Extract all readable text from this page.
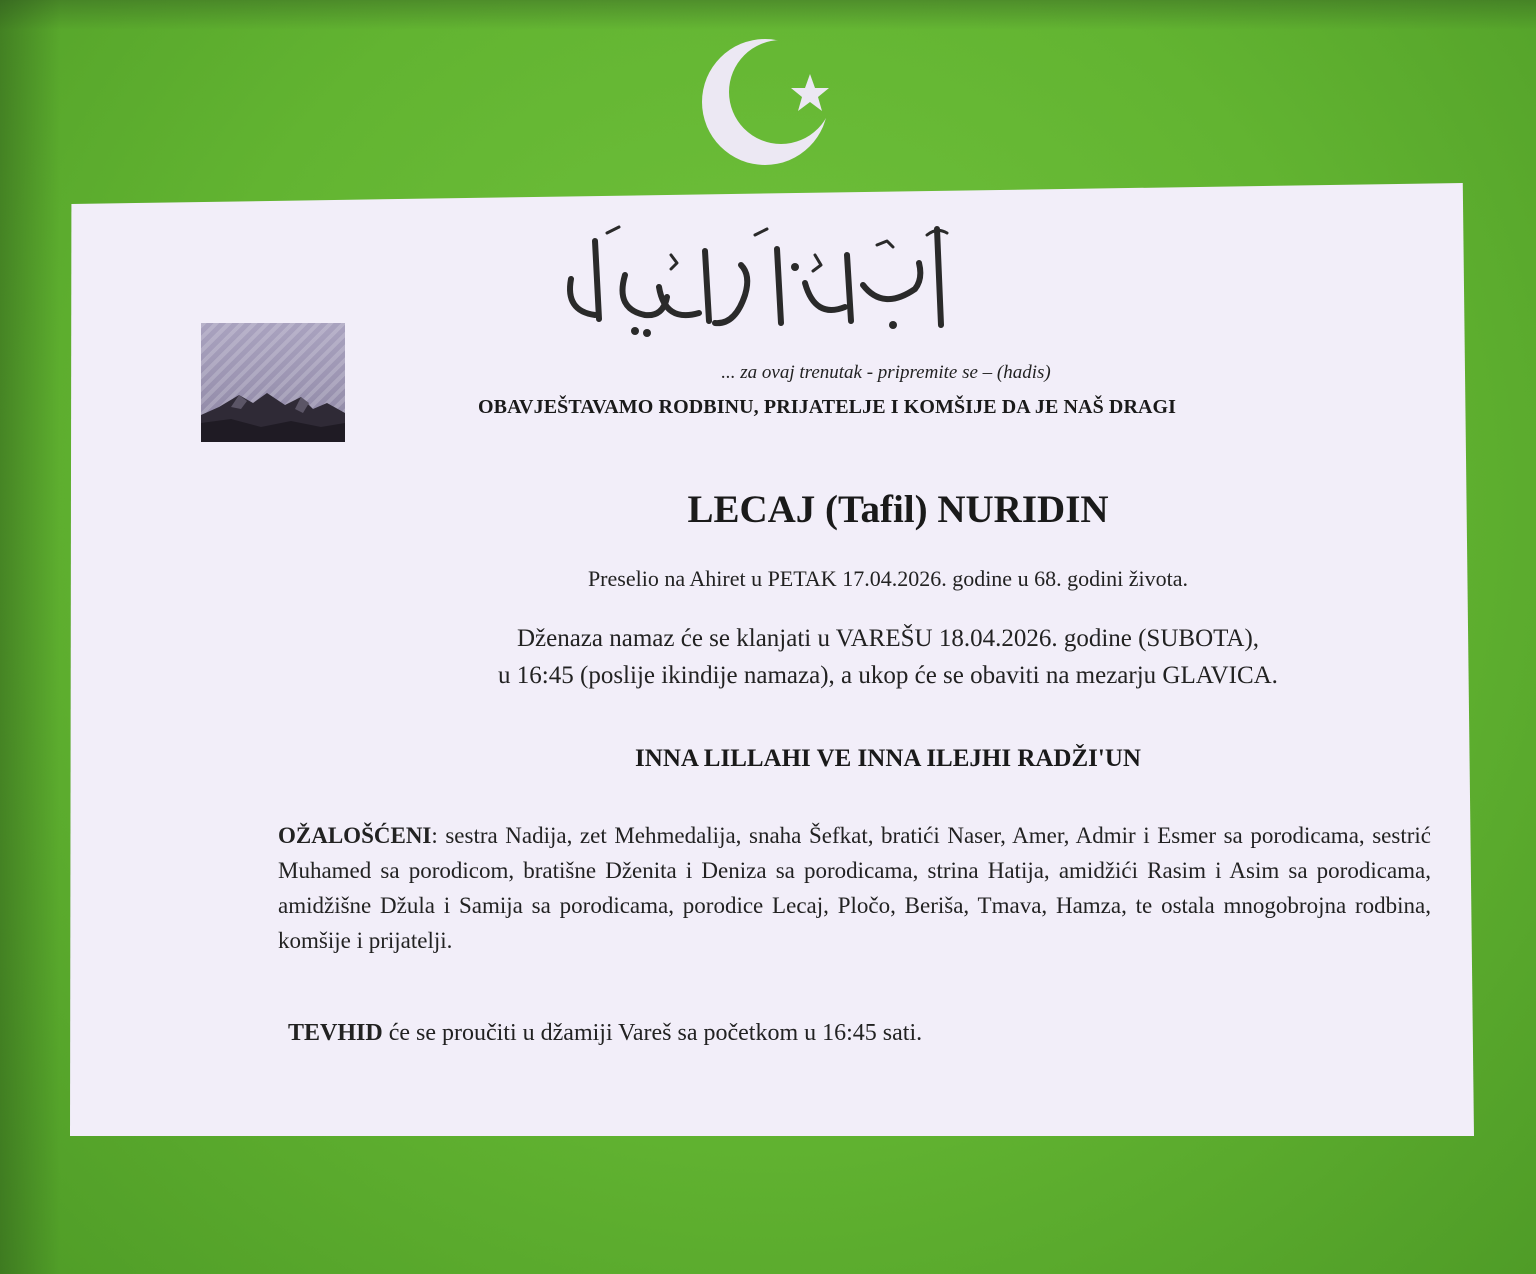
... za ovaj trenutak - pripremite se – (hadis)
OBAVJEŠTAVAMO RODBINU, PRIJATELJE I KOMŠIJE DA JE NAŠ DRAGI
LECAJ (Tafil) NURIDIN
Preselio na Ahiret u PETAK 17.04.2026. godine u 68. godini života.
Dženaza namaz će se klanjati u VAREŠU 18.04.2026. godine (SUBOTA),
u 16:45 (poslije ikindije namaza), a ukop će se obaviti na mezarju GLAVICA.
INNA LILLAHI VE INNA ILEJHI RADŽI'UN
OŽALOŠĆENI: sestra Nadija, zet Mehmedalija, snaha Šefkat, bratići Naser, Amer, Admir i Esmer sa porodicama, sestrić Muhamed sa porodicom, bratišne Dženita i Deniza sa porodicama, strina Hatija, amidžići Rasim i Asim sa porodicama, amidžišne Džula i Samija sa porodicama, porodice Lecaj, Pločo, Beriša, Tmava, Hamza, te ostala mnogobrojna rodbina, komšije i prijatelji.
TEVHID će se proučiti u džamiji Vareš sa početkom u 16:45 sati.
